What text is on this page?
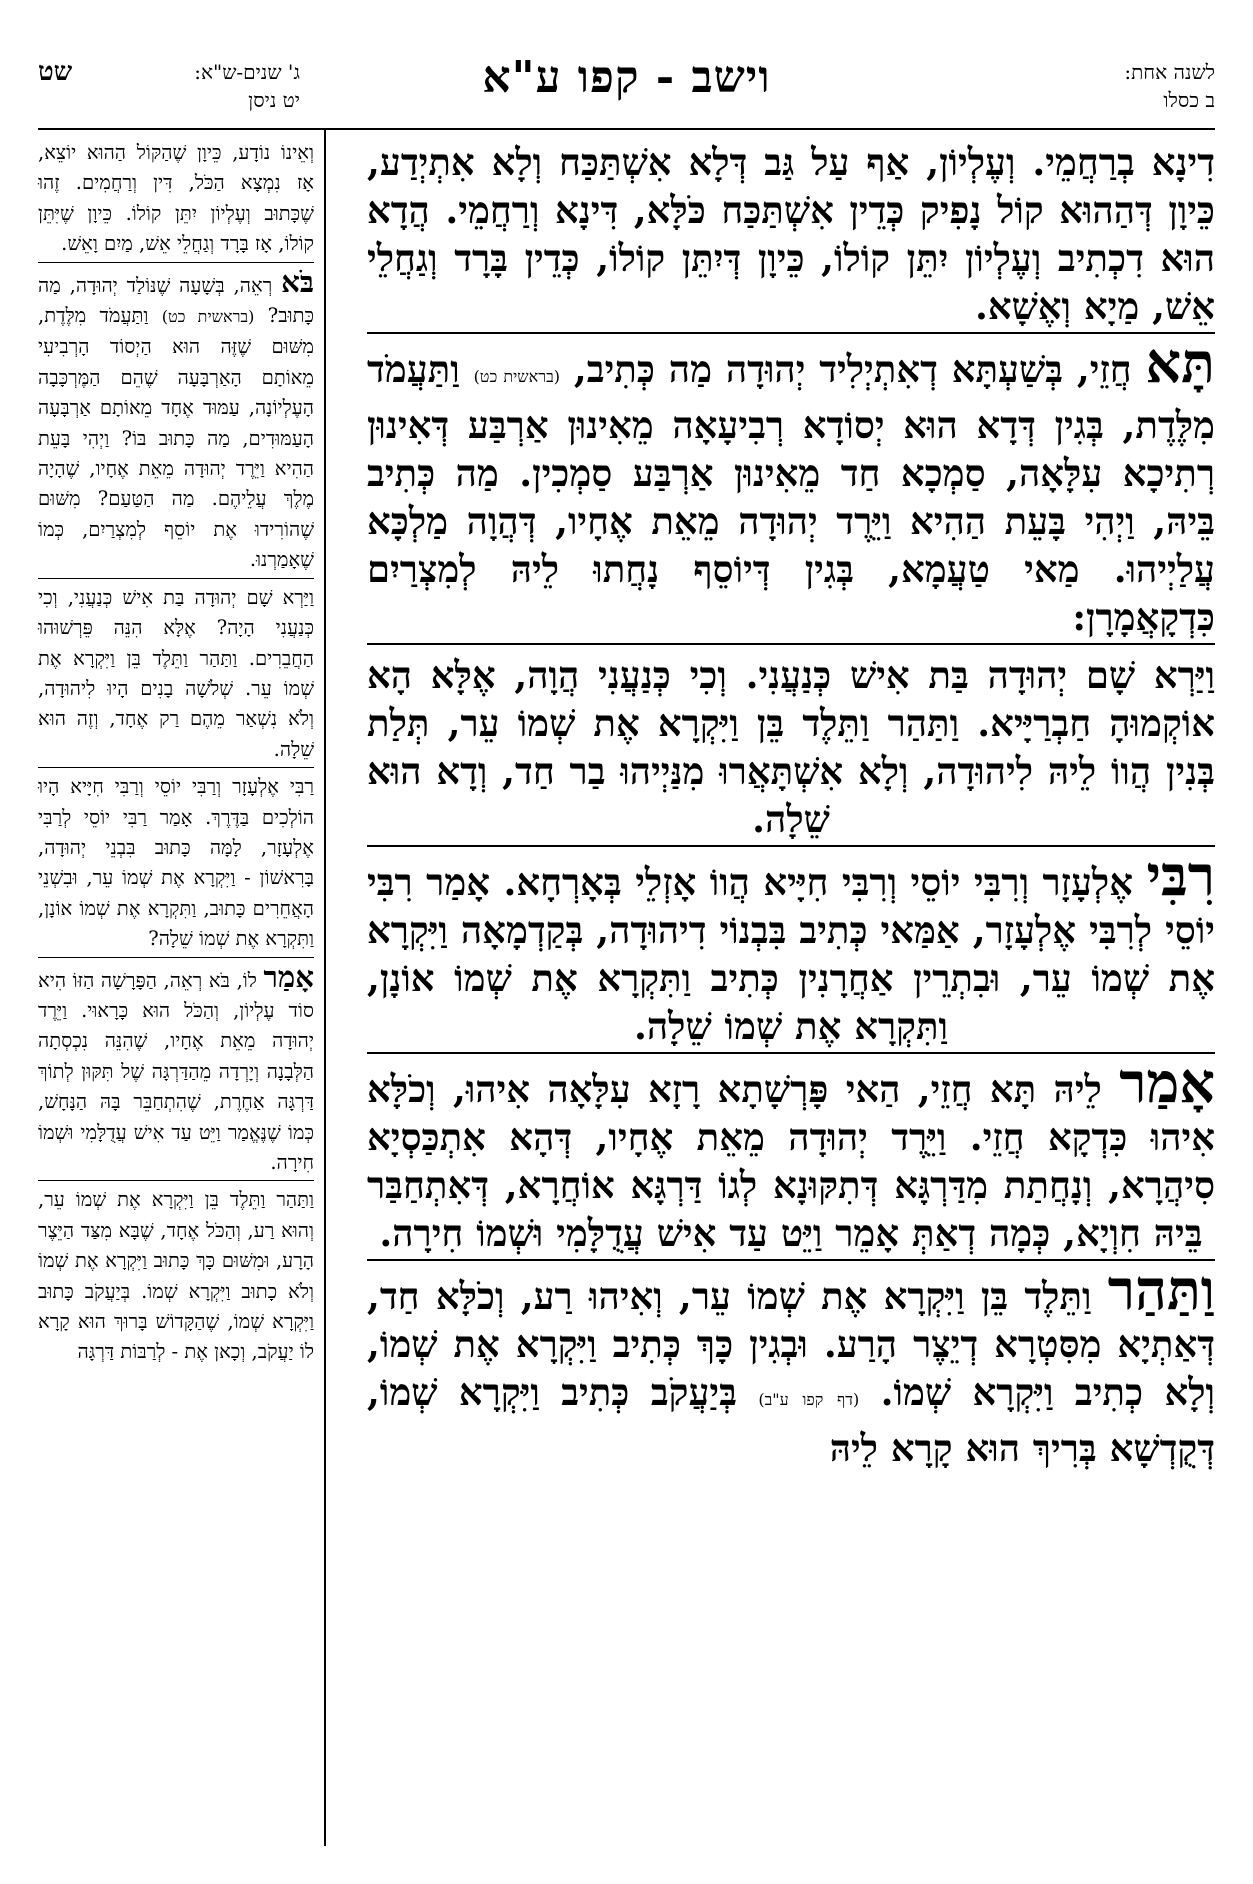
לשנה אחת:
ב כסלו
וישב - קפו ע"א
ג' שנים-ש"א:
יט ניסן
שט

דִינָא בְרַחֲמֵי. וְעֶלְיוֹן, אַף עַל גַּב דְּלָא אִשְׁתַּכַּח וְלָא אִתְיְדַע, כֵּיוָן דְּהַהוּא קוֹל נָפִיק כְּדֵין אִשְׁתַּכַּח כֹּלָּא, דִּינָא וְרַחֲמֵי. הֲדָא הוּא דִכְתִיב וְעֶלְיוֹן יִתֵּן קוֹלוֹ, כֵּיוָן דְּיִתֵּן קוֹלוֹ, כְּדֵין בָּרָד וְגַחֲלֵי אֵשׁ, מַיָא וְאֶשָׁא.

תָּא חֲזֵי, בְּשַׁעְתָּא דְאִתְיְלִיד יְהוּדָה מַה כְּתִיב, (בראשית כט) וַתַּעֲמֹד מִלֶּדֶת, בְּגִין דְּדָא הוּא יְסוֹדָא רְבִיעָאָה מֵאִינוּן אַרְבַּע דְּאִינוּן רְתִיכָא עִלָּאָה, סַמְכָא חַד מֵאִינוּן אַרְבַּע סַמְכִין. מַה כְּתִיב בֵּיהּ, וַיְהִי בָּעֵת הַהִיא וַיֵּרֶד יְהוּדָה מֵאֵת אֶחָיו, דְּהֲוָה מַלְכָּא עֲלַיְיהוּ. מַאי טַעֲמָא, בְּגִין דְּיוֹסֵף נָחֲתוּ לֵיהּ לְמִצְרַיִם כִּדְקָאֲמָרָן:

וַיַּרְא שָׁם יְהוּדָה בַּת אִישׁ כְּנַעֲנִי. וְכִי כְּנַעֲנִי הֲוָה, אֶלָּא הָא אוֹקְמוּהָ חַבְרַיָּיא. וַתַּהַר וַתֵּלֶד בֵּן וַיִּקְרָא אֶת שְׁמוֹ עֵר, תְּלַת בְּנִין הֲווֹ לֵיהּ לִיהוּדָה, וְלָא אִשְׁתָּאֲרוּ מִנַּיְיהוּ בַר חַד, וְדָא הוּא שֵׁלָה.

רִבִּי אֶלְעָזָר וְרִבִּי יוֹסֵי וְרִבִּי חִיָּיא הֲווֹ אָזְלֵי בְּאָרְחָא. אָמַר רִבִּי יוֹסֵי לְרִבִּי אֶלְעָזָר, אַמַּאי כְּתִיב בִּבְנוֹי דִיהוּדָה, בְּקַדְמָאָה וַיִּקְרָא אֶת שְׁמוֹ עֵר, וּבִתְרֵין אַחֲרָנִין כְּתִיב וַתִּקְרָא אֶת שְׁמוֹ אוֹנָן, וַתִּקְרָא אֶת שְׁמוֹ שֵׁלָה.

אָמַר לֵיהּ תָּא חֲזֵי, הַאי פָּרְשָׁתָא רָזָא עִלָּאָה אִיהוּ, וְכֹלָּא אִיהוּ כִּדְקָא חֲזֵי. וַיֵּרֶד יְהוּדָה מֵאֵת אֶחָיו, דְּהָא אִתְכַּסְיָא סִיהֲרָא, וְנָחֲתַת מִדַּרְגָּא דְּתִקּוּנָא לְגוֹ דַּרְגָּא אוֹחֲרָא, דְּאִתְחַבַּר בֵּיהּ חִוְיָא, כְּמָה דְאַתְּ אָמֵר וַיֵּט עַד אִישׁ עֲדֻלָּמִי וּשְׁמוֹ חִירָה.

וַתַּהַר וַתֵּלֶד בֵּן וַיִּקְרָא אֶת שְׁמוֹ עֵר, וְאִיהוּ רַע, וְכֹלָּא חַד, דְּאַתְיָא מִסִּטְרָא דְיֵצֶר הָרַע. וּבְגִין כָּךְ כְּתִיב וַיִּקְרָא אֶת שְׁמוֹ, וְלָא כְתִיב וַיִּקְרָא שְׁמוֹ. (דף קפו ע"ב) בְּיַעֲקֹב כְּתִיב וַיִּקְרָא שְׁמוֹ, דְּקֻדְשָׁא בְּרִיךְ הוּא קָרָא לֵיהּ

וְאֵינוֹ נוֹדָע, כֵּיוָן שֶׁהַקּוֹל הַהוּא יוֹצֵא, אָז נִמְצָא הַכֹּל, דִּין וְרַחֲמִים. זֶהוּ שֶׁכָּתוּב וְעֶלְיוֹן יִתֵּן קוֹלוֹ. כֵּיוָן שֶׁיִּתֵּן קוֹלוֹ, אָז בָּרָד וְגַחֲלֵי אֵשׁ, מַיִם וָאֵשׁ.

בֹּא רְאֵה, בְּשָׁעָה שֶׁנּוֹלַד יְהוּדָה, מַה כָּתוּב? (בראשית כט) וַתַּעֲמֹד מִלֶּדֶת, מִשּׁוּם שֶׁזֶּה הוּא הַיְסוֹד הָרְבִיעִי מֵאוֹתָם הָאַרְבָּעָה שֶׁהֵם הַמֶּרְכָּבָה הָעֶלְיוֹנָה, עַמּוּד אֶחָד מֵאוֹתָם אַרְבָּעָה הָעַמּוּדִים, מַה כָּתוּב בּוֹ? וַיְהִי בָּעֵת הַהִיא וַיֵּרֶד יְהוּדָה מֵאֵת אֶחָיו, שֶׁהָיָה מֶלֶךְ עֲלֵיהֶם. מַה הַטַּעַם? מִשּׁוּם שֶׁהוֹרִידוּ אֶת יוֹסֵף לְמִצְרַיִם, כְּמוֹ שֶׁאָמַרְנוּ.

וַיַּרְא שָׁם יְהוּדָה בַּת אִישׁ כְּנַעֲנִי, וְכִי כְּנַעֲנִי הָיָה? אֶלָּא הִנֵּה פֵּרְשׁוּהוּ הַחֲבֵרִים. וַתַּהַר וַתֵּלֶד בֵּן וַיִּקְרָא אֶת שְׁמוֹ עֵר. שְׁלֹשָׁה בָנִים הָיוּ לִיהוּדָה, וְלֹא נִשְׁאַר מֵהֶם רַק אֶחָד, וְזֶה הוּא שֵׁלָה.

רַבִּי אֶלְעָזָר וְרַבִּי יוֹסֵי וְרַבִּי חִיָּיא הָיוּ הוֹלְכִים בַּדֶּרֶךְ. אָמַר רַבִּי יוֹסֵי לְרַבִּי אֶלְעָזָר, לָמָּה כָּתוּב בִּבְנֵי יְהוּדָה, בָּרִאשׁוֹן - וַיִּקְרָא אֶת שְׁמוֹ עֵר, וּבִשְׁנֵי הָאֲחֵרִים כָּתוּב, וַתִּקְרָא אֶת שְׁמוֹ אוֹנָן, וַתִּקְרָא אֶת שְׁמוֹ שֵׁלָה?

אָמַר לוֹ, בֹּא רְאֵה, הַפָּרָשָׁה הַזּוֹ הִיא סוֹד עֶלְיוֹן, וְהַכֹּל הוּא כָּרָאוּי. וַיֵּרֶד יְהוּדָה מֵאֵת אֶחָיו, שֶׁהִנֵּה נִכְסְתָה הַלְּבָנָה וְיָרְדָה מֵהַדַּרְגָּה שֶׁל תִּקּוּן לְתוֹךְ דַּרְגָּה אַחֶרֶת, שֶׁהִתְחַבֵּר בָּהּ הַנָּחָשׁ, כְּמוֹ שֶׁנֶּאֱמַר וַיֵּט עַד אִישׁ עֲדֻלָּמִי וּשְׁמוֹ חִירָה.

וַתַּהַר וַתֵּלֶד בֵּן וַיִּקְרָא אֶת שְׁמוֹ עֵר, וְהוּא רַע, וְהַכֹּל אֶחָד, שֶׁבָּא מִצַּד הַיֵּצֶר הָרָע, וּמִשּׁוּם כָּךְ כָּתוּב וַיִּקְרָא אֶת שְׁמוֹ וְלֹא כָתוּב וַיִּקְרָא שְׁמוֹ. בְּיַעֲקֹב כָּתוּב וַיִּקְרָא שְׁמוֹ, שֶׁהַקָּדוֹשׁ בָּרוּךְ הוּא קָרָא לוֹ יַעֲקֹב, וְכָאן אֶת - לְרַבּוֹת דַּרְגָּה
